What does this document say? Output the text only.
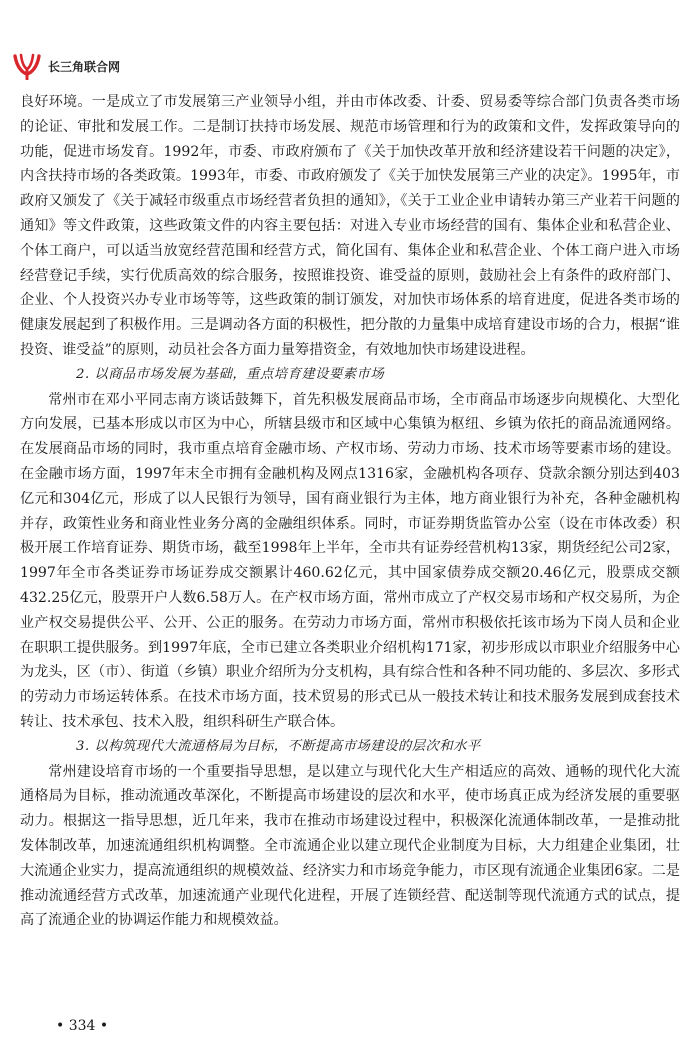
长三角联合网

良好环境。一是成立了市发展第三产业领导小组，并由市体改委、计委、贸易委等综合部门负责各类市场的论证、审批和发展工作。二是制订扶持市场发展、规范市场管理和行为的政策和文件，发挥政策导向的功能，促进市场发育。1992年，市委、市政府颁布了《关于加快改革开放和经济建设若干问题的决定》，内含扶持市场的各类政策。1993年，市委、市政府颁发了《关于加快发展第三产业的决定》。1995年，市政府又颁发了《关于减轻市级重点市场经营者负担的通知》，《关于工业企业申请转办第三产业若干问题的通知》等文件政策，这些政策文件的内容主要包括：对进入专业市场经营的国有、集体企业和私营企业、个体工商户，可以适当放宽经营范围和经营方式，简化国有、集体企业和私营企业、个体工商户进入市场经营登记手续，实行优质高效的综合服务，按照谁投资、谁受益的原则，鼓励社会上有条件的政府部门、企业、个人投资兴办专业市场等等，这些政策的制订颁发，对加快市场体系的培育进度，促进各类市场的健康发展起到了积极作用。三是调动各方面的积极性，把分散的力量集中成培育建设市场的合力，根据“谁投资、谁受益”的原则，动员社会各方面力量筹措资金，有效地加快市场建设进程。

2. 以商品市场发展为基础，重点培育建设要素市场

常州市在邓小平同志南方谈话鼓舞下，首先积极发展商品市场，全市商品市场逐步向规模化、大型化方向发展，已基本形成以市区为中心，所辖县级市和区域中心集镇为枢纽、乡镇为依托的商品流通网络。在发展商品市场的同时，我市重点培育金融市场、产权市场、劳动力市场、技术市场等要素市场的建设。在金融市场方面，1997年末全市拥有金融机构及网点1316家，金融机构各项存、贷款余额分别达到403亿元和304亿元，形成了以人民银行为领导，国有商业银行为主体，地方商业银行为补充，各种金融机构并存，政策性业务和商业性业务分离的金融组织体系。同时，市证券期货监管办公室（设在市体改委）积极开展工作培育证券、期货市场，截至1998年上半年，全市共有证券经营机构13家，期货经纪公司2家，1997年全市各类证券市场证券成交额累计460.62亿元，其中国家债券成交额20.46亿元，股票成交额432.25亿元，股票开户人数6.58万人。在产权市场方面，常州市成立了产权交易市场和产权交易所，为企业产权交易提供公平、公开、公正的服务。在劳动力市场方面，常州市积极依托该市场为下岗人员和企业在职职工提供服务。到1997年底，全市已建立各类职业介绍机构171家，初步形成以市职业介绍服务中心为龙头，区（市）、街道（乡镇）职业介绍所为分支机构，具有综合性和各种不同功能的、多层次、多形式的劳动力市场运转体系。在技术市场方面，技术贸易的形式已从一般技术转让和技术服务发展到成套技术转让、技术承包、技术入股，组织科研生产联合体。

3. 以构筑现代大流通格局为目标，不断提高市场建设的层次和水平

常州建设培育市场的一个重要指导思想，是以建立与现代化大生产相适应的高效、通畅的现代化大流通格局为目标，推动流通改革深化，不断提高市场建设的层次和水平，使市场真正成为经济发展的重要驱动力。根据这一指导思想，近几年来，我市在推动市场建设过程中，积极深化流通体制改革，一是推动批发体制改革，加速流通组织机构调整。全市流通企业以建立现代企业制度为目标，大力组建企业集团，壮大流通企业实力，提高流通组织的规模效益、经济实力和市场竞争能力，市区现有流通企业集团6家。二是推动流通经营方式改革，加速流通产业现代化进程，开展了连锁经营、配送制等现代流通方式的试点，提高了流通企业的协调运作能力和规模效益。

• 334 •
